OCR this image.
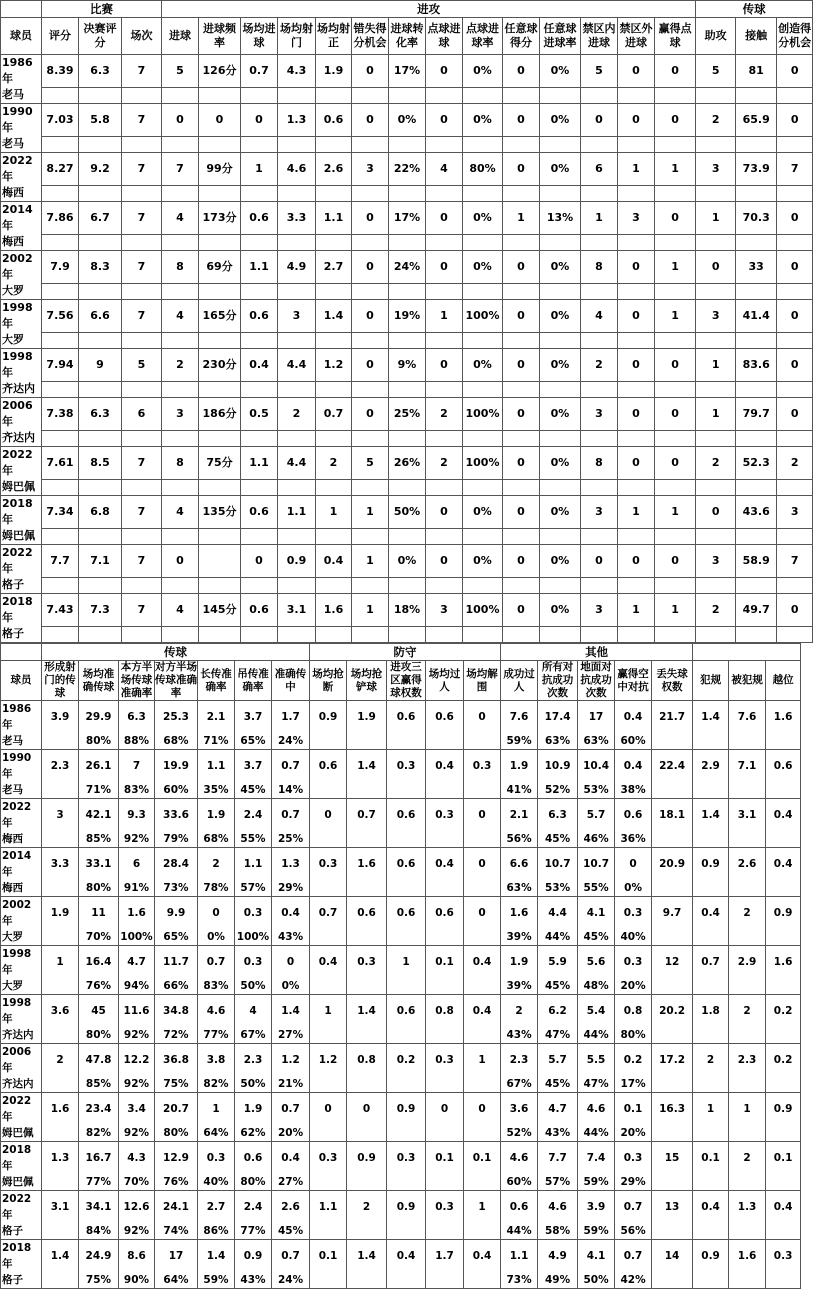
	比赛			进攻														传球		
球员	评分	决赛评分	场次	进球	进球频率	场均进球	场均射门	场均射正	错失得分机会	进球转化率	点球进球	点球进球率	任意球得分	任意球进球率	禁区内进球	禁区外进球	赢得点球	助攻	接触	创造得分机会
1986年	8.39	6.3	7	5	126分	0.7	4.3	1.9	0	17%	0	0%	0	0%	5	0	0	5	81	0
老马																				
1990年	7.03	5.8	7	0	0	0	1.3	0.6	0	0%	0	0%	0	0%	0	0	0	2	65.9	0
老马																				
2022年	8.27	9.2	7	7	99分	1	4.6	2.6	3	22%	4	80%	0	0%	6	1	1	3	73.9	7
梅西																				
2014年	7.86	6.7	7	4	173分	0.6	3.3	1.1	0	17%	0	0%	1	13%	1	3	0	1	70.3	0
梅西																				
2002年	7.9	8.3	7	8	69分	1.1	4.9	2.7	0	24%	0	0%	0	0%	8	0	1	0	33	0
大罗																				
1998年	7.56	6.6	7	4	165分	0.6	3	1.4	0	19%	1	100%	0	0%	4	0	1	3	41.4	0
大罗																				
1998年	7.94	9	5	2	230分	0.4	4.4	1.2	0	9%	0	0%	0	0%	2	0	0	1	83.6	0
齐达内																				
2006年	7.38	6.3	6	3	186分	0.5	2	0.7	0	25%	2	100%	0	0%	3	0	0	1	79.7	0
齐达内																				
2022年	7.61	8.5	7	8	75分	1.1	4.4	2	5	26%	2	100%	0	0%	8	0	0	2	52.3	2
姆巴佩																				
2018年	7.34	6.8	7	4	135分	0.6	1.1	1	1	50%	0	0%	0	0%	3	1	1	0	43.6	3
姆巴佩																				
2022年	7.7	7.1	7	0		0	0.9	0.4	1	0%	0	0%	0	0%	0	0	0	3	58.9	7
格子																				
2018年	7.43	7.3	7	4	145分	0.6	3.1	1.6	1	18%	3	100%	0	0%	3	1	1	2	49.7	0
格子																				
	传球							防守					其他							
球员	形成射门的传球	场均准确传球	本方半场传球准确率	对方半场传球准确率	长传准确率	吊传准确率	准确传中	场均抢断	场均抢铲球	进攻三区赢得球权数	场均过人	场均解围	成功过人	所有对抗成功次数	地面对抗成功次数	赢得空中对抗	丢失球权数	犯规	被犯规	越位
1986年	3.9	29.9	6.3	25.3	2.1	3.7	1.7	0.9	1.9	0.6	0.6	0	7.6	17.4	17	0.4	21.7	1.4	7.6	1.6
老马		80%	88%	68%	71%	65%	24%						59%	63%	63%	60%				
1990年	2.3	26.1	7	19.9	1.1	3.7	0.7	0.6	1.4	0.3	0.4	0.3	1.9	10.9	10.4	0.4	22.4	2.9	7.1	0.6
老马		71%	83%	60%	35%	45%	14%						41%	52%	53%	38%				
2022年	3	42.1	9.3	33.6	1.9	2.4	0.7	0	0.7	0.6	0.3	0	2.1	6.3	5.7	0.6	18.1	1.4	3.1	0.4
梅西		85%	92%	79%	68%	55%	25%						56%	45%	46%	36%				
2014年	3.3	33.1	6	28.4	2	1.1	1.3	0.3	1.6	0.6	0.4	0	6.6	10.7	10.7	0	20.9	0.9	2.6	0.4
梅西		80%	91%	73%	78%	57%	29%						63%	53%	55%	0%				
2002年	1.9	11	1.6	9.9	0	0.3	0.4	0.7	0.6	0.6	0.6	0	1.6	4.4	4.1	0.3	9.7	0.4	2	0.9
大罗		70%	100%	65%	0%	100%	43%						39%	44%	45%	40%				
1998年	1	16.4	4.7	11.7	0.7	0.3	0	0.4	0.3	1	0.1	0.4	1.9	5.9	5.6	0.3	12	0.7	2.9	1.6
大罗		76%	94%	66%	83%	50%	0%						39%	45%	48%	20%				
1998年	3.6	45	11.6	34.8	4.6	4	1.4	1	1.4	0.6	0.8	0.4	2	6.2	5.4	0.8	20.2	1.8	2	0.2
齐达内		80%	92%	72%	77%	67%	27%						43%	47%	44%	80%				
2006年	2	47.8	12.2	36.8	3.8	2.3	1.2	1.2	0.8	0.2	0.3	1	2.3	5.7	5.5	0.2	17.2	2	2.3	0.2
齐达内		85%	92%	75%	82%	50%	21%						67%	45%	47%	17%				
2022年	1.6	23.4	3.4	20.7	1	1.9	0.7	0	0	0.9	0	0	3.6	4.7	4.6	0.1	16.3	1	1	0.9
姆巴佩		82%	92%	80%	64%	62%	20%						52%	43%	44%	20%				
2018年	1.3	16.7	4.3	12.9	0.3	0.6	0.4	0.3	0.9	0.3	0.1	0.1	4.6	7.7	7.4	0.3	15	0.1	2	0.1
姆巴佩		77%	70%	76%	40%	80%	27%						60%	57%	59%	29%				
2022年	3.1	34.1	12.6	24.1	2.7	2.4	2.6	1.1	2	0.9	0.3	1	0.6	4.6	3.9	0.7	13	0.4	1.3	0.4
格子		84%	92%	74%	86%	77%	45%						44%	58%	59%	56%				
2018年	1.4	24.9	8.6	17	1.4	0.9	0.7	0.1	1.4	0.4	1.7	0.4	1.1	4.9	4.1	0.7	14	0.9	1.6	0.3
格子		75%	90%	64%	59%	43%	24%						73%	49%	50%	42%				
